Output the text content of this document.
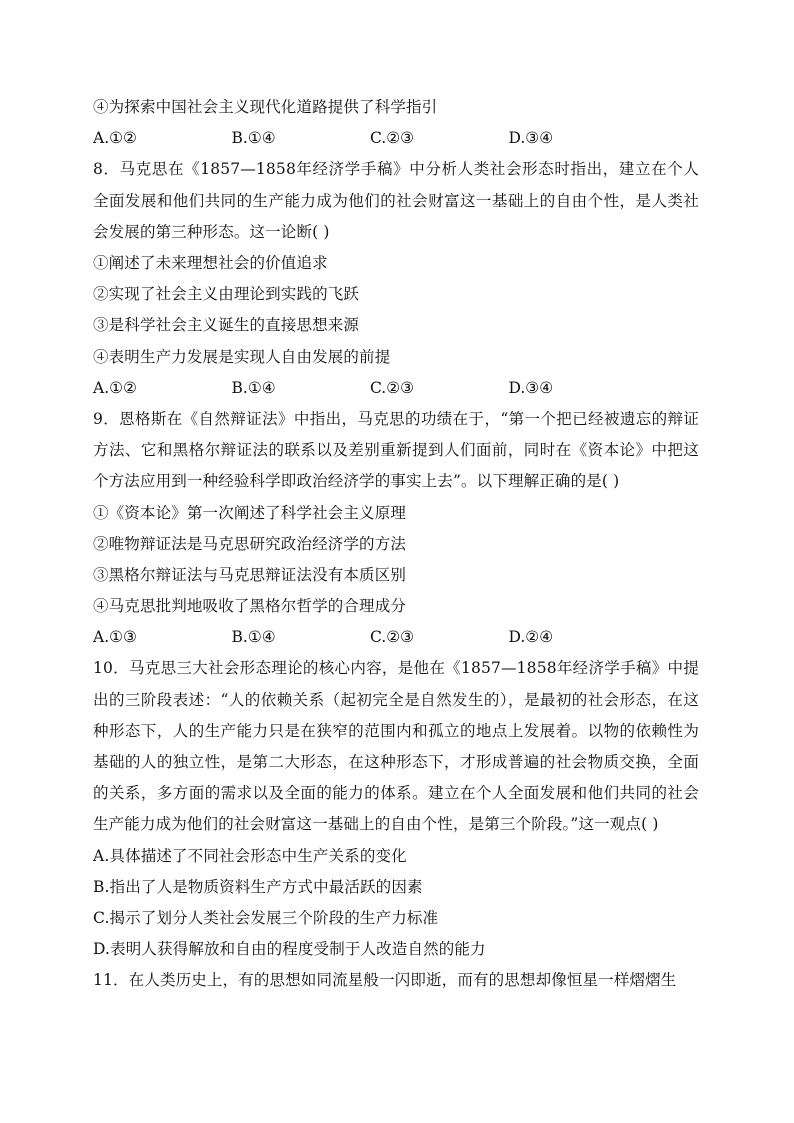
④为探索中国社会主义现代化道路提供了科学指引
A.①②	B.①④	C.②③	D.③④
8．马克思在《1857—1858年经济学手稿》中分析人类社会形态时指出，建立在个人全面发展和他们共同的生产能力成为他们的社会财富这一基础上的自由个性，是人类社会发展的第三种形态。这一论断( )
①阐述了未来理想社会的价值追求
②实现了社会主义由理论到实践的飞跃
③是科学社会主义诞生的直接思想来源
④表明生产力发展是实现人自由发展的前提
A.①②	B.①④	C.②③	D.③④
9．恩格斯在《自然辩证法》中指出，马克思的功绩在于，“第一个把已经被遗忘的辩证方法、它和黑格尔辩证法的联系以及差别重新提到人们面前，同时在《资本论》中把这个方法应用到一种经验科学即政治经济学的事实上去”。以下理解正确的是( )
①《资本论》第一次阐述了科学社会主义原理
②唯物辩证法是马克思研究政治经济学的方法
③黑格尔辩证法与马克思辩证法没有本质区别
④马克思批判地吸收了黑格尔哲学的合理成分
A.①③	B.①④	C.②③	D.②④
10．马克思三大社会形态理论的核心内容，是他在《1857—1858年经济学手稿》中提出的三阶段表述：“人的依赖关系（起初完全是自然发生的），是最初的社会形态，在这种形态下，人的生产能力只是在狭窄的范围内和孤立的地点上发展着。以物的依赖性为基础的人的独立性，是第二大形态，在这种形态下，才形成普遍的社会物质交换，全面的关系，多方面的需求以及全面的能力的体系。建立在个人全面发展和他们共同的社会生产能力成为他们的社会财富这一基础上的自由个性，是第三个阶段。”这一观点( )
A.具体描述了不同社会形态中生产关系的变化
B.指出了人是物质资料生产方式中最活跃的因素
C.揭示了划分人类社会发展三个阶段的生产力标准
D.表明人获得解放和自由的程度受制于人改造自然的能力
11．在人类历史上，有的思想如同流星般一闪即逝，而有的思想却像恒星一样熠熠生
